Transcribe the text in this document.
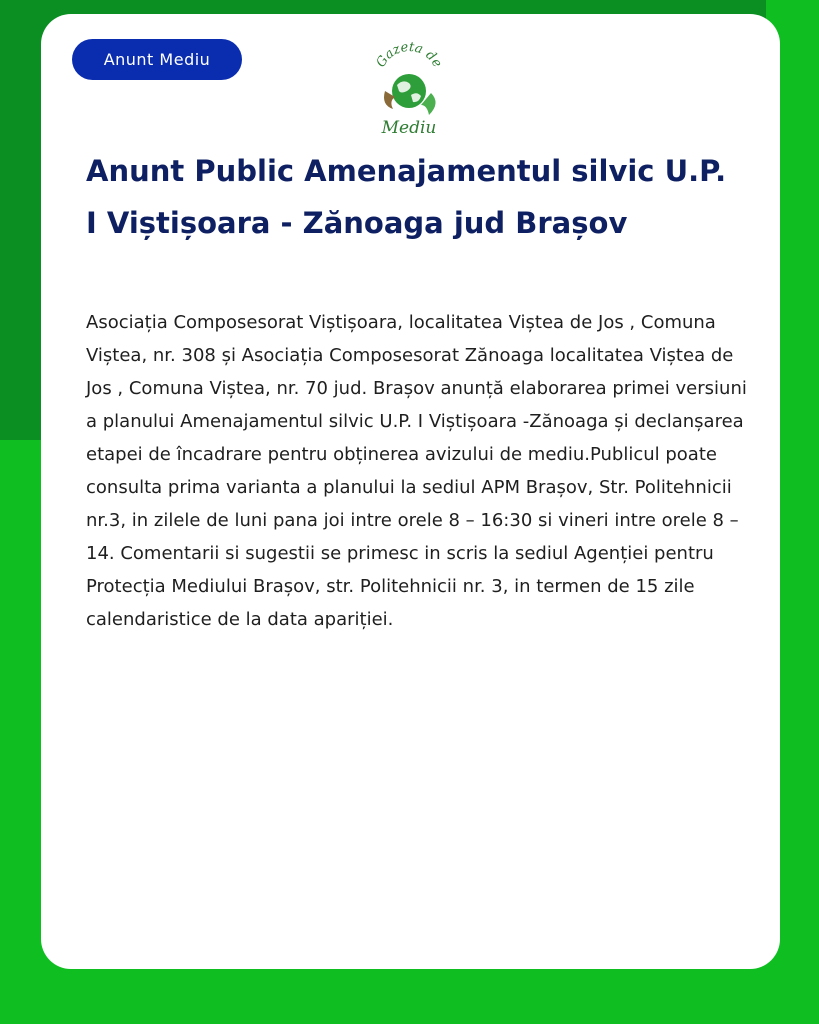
Anunt Mediu	Gazeta de
Mediu
Anunt Public Amenajamentul silvic U.P. I Viștișoara - Zănoaga jud Brașov

Asociația Composesorat Viștișoara, localitatea Viștea de Jos , Comuna Viștea, nr. 308 și Asociația Composesorat Zănoaga localitatea Viștea de Jos , Comuna Viștea, nr. 70 jud. Brașov anunță elaborarea primei versiuni a planului Amenajamentul silvic U.P. I Viștișoara -Zănoaga și declanșarea etapei de încadrare pentru obținerea avizului de mediu.Publicul poate consulta prima varianta a planului la sediul APM Brașov, Str. Politehnicii nr.3, in zilele de luni pana joi intre orele 8 – 16:30 si vineri intre orele 8 – 14. Comentarii si sugestii se primesc in scris la sediul Agenției pentru Protecția Mediului Brașov, str. Politehnicii nr. 3, in termen de 15 zile calendaristice de la data apariției.
